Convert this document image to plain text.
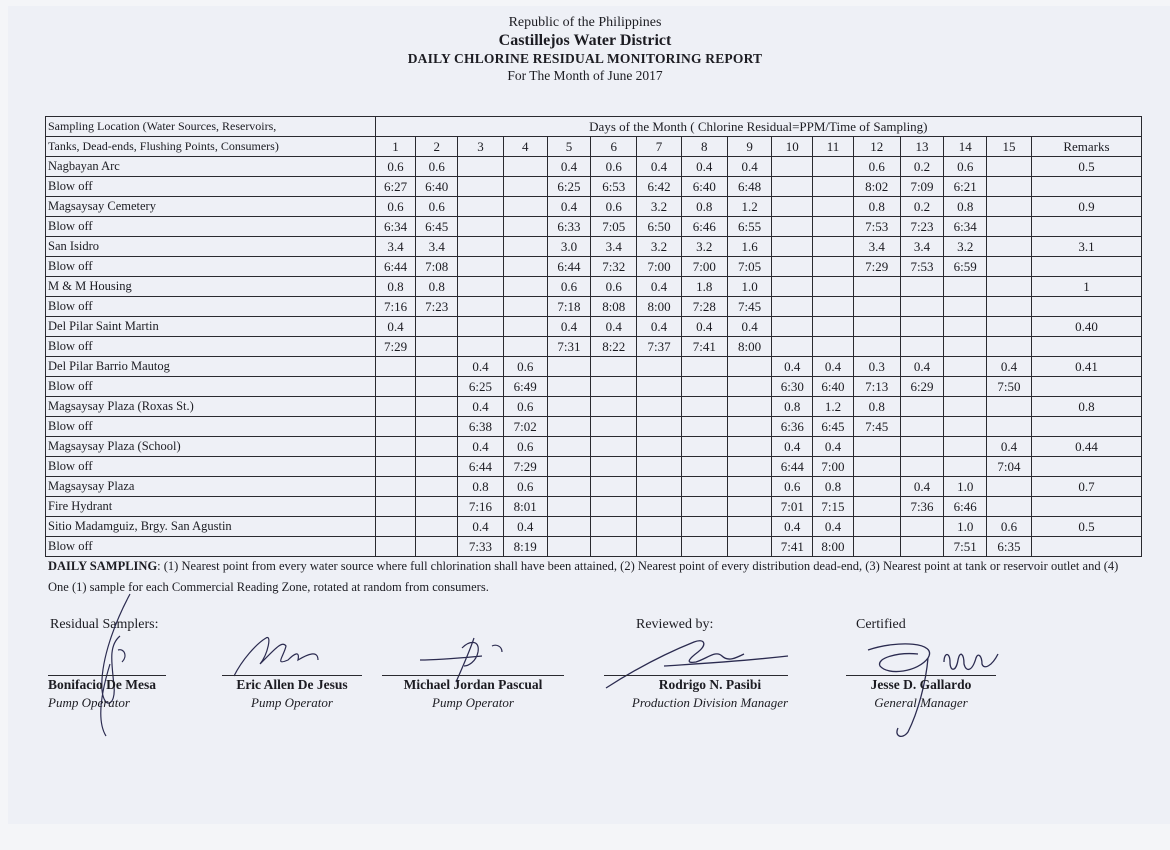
Republic of the Philippines
Castillejos Water District
DAILY CHLORINE RESIDUAL MONITORING REPORT
For The Month of June 2017
Sampling Location (Water Sources, Reservoirs,	Days of the Month ( Chlorine Residual=PPM/Time of Sampling)															
Tanks, Dead-ends, Flushing Points, Consumers)	1	2	3	4	5	6	7	8	9	10	11	12	13	14	15	Remarks
Nagbayan Arc	0.6	0.6			0.4	0.6	0.4	0.4	0.4			0.6	0.2	0.6		0.5
Blow off	6:27	6:40			6:25	6:53	6:42	6:40	6:48			8:02	7:09	6:21		
Magsaysay Cemetery	0.6	0.6			0.4	0.6	3.2	0.8	1.2			0.8	0.2	0.8		0.9
Blow off	6:34	6:45			6:33	7:05	6:50	6:46	6:55			7:53	7:23	6:34		
San Isidro	3.4	3.4			3.0	3.4	3.2	3.2	1.6			3.4	3.4	3.2		3.1
Blow off	6:44	7:08			6:44	7:32	7:00	7:00	7:05			7:29	7:53	6:59		
M & M Housing	0.8	0.8			0.6	0.6	0.4	1.8	1.0							1
Blow off	7:16	7:23			7:18	8:08	8:00	7:28	7:45							
Del Pilar Saint Martin	0.4				0.4	0.4	0.4	0.4	0.4							0.40
Blow off	7:29				7:31	8:22	7:37	7:41	8:00							
Del Pilar Barrio Mautog			0.4	0.6						0.4	0.4	0.3	0.4		0.4	0.41
Blow off			6:25	6:49						6:30	6:40	7:13	6:29		7:50	
Magsaysay Plaza (Roxas St.)			0.4	0.6						0.8	1.2	0.8				0.8
Blow off			6:38	7:02						6:36	6:45	7:45				
Magsaysay Plaza (School)			0.4	0.6						0.4	0.4				0.4	0.44
Blow off			6:44	7:29						6:44	7:00				7:04	
Magsaysay Plaza			0.8	0.6						0.6	0.8		0.4	1.0		0.7
Fire Hydrant			7:16	8:01						7:01	7:15		7:36	6:46		
Sitio Madamguiz, Brgy. San Agustin			0.4	0.4						0.4	0.4			1.0	0.6	0.5
Blow off			7:33	8:19						7:41	8:00			7:51	6:35	
DAILY SAMPLING: (1) Nearest point from every water source where full chlorination shall have been attained, (2) Nearest point of every distribution dead-end, (3) Nearest point at tank or reservoir outlet and (4) One (1) sample for each Commercial Reading Zone, rotated at random from consumers.
Residual Samplers:	Reviewed by:	Certified
Bonifacio De Mesa
Pump Operator
Eric Allen De Jesus
Pump Operator
Michael Jordan Pascual
Pump Operator
Rodrigo N. Pasibi
Production Division Manager
Jesse D. Gallardo
General Manager
